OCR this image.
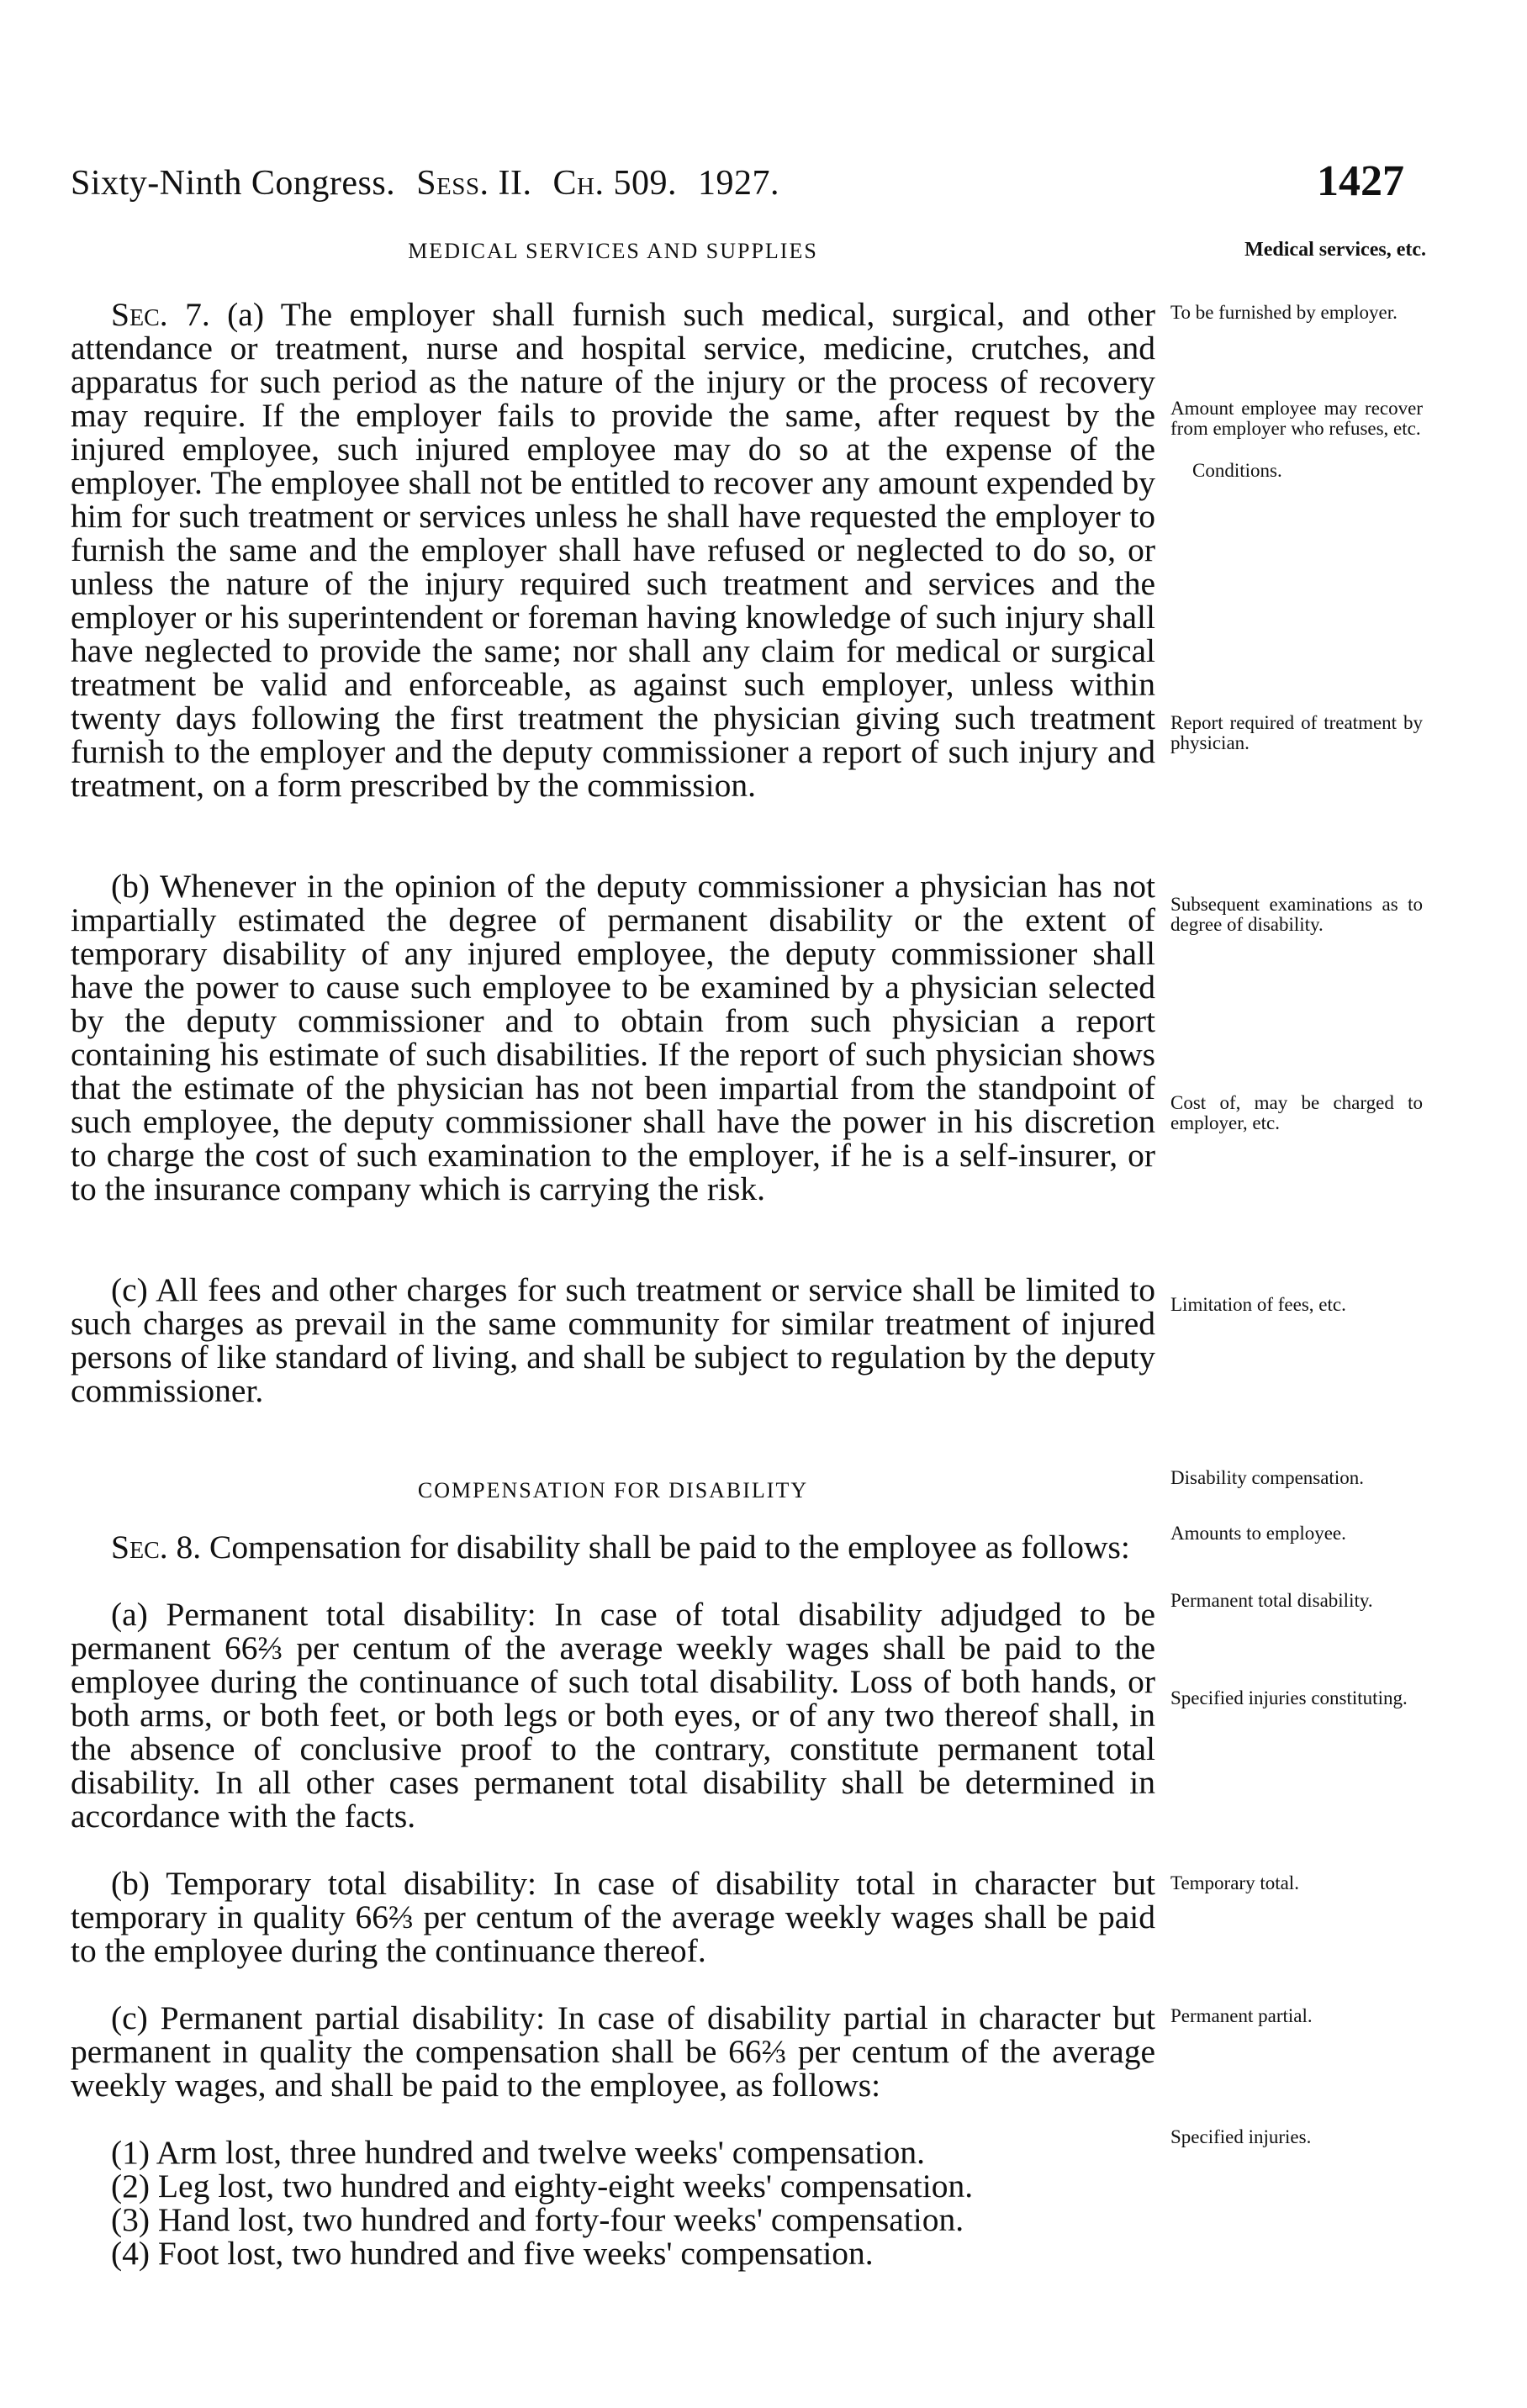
Sixty-Ninth Congress. Sess. II. Ch. 509. 1927.	1427
MEDICAL SERVICES AND SUPPLIES	Medical services, etc.

Sec. 7. (a) The employer shall furnish such medical, surgical, and other attendance or treatment, nurse and hospital service, medicine, crutches, and apparatus for such period as the nature of the injury or the process of recovery may require. If the employer fails to provide the same, after request by the injured employee, such injured employee may do so at the expense of the employer. The employee shall not be entitled to recover any amount expended by him for such treatment or services unless he shall have requested the employer to furnish the same and the employer shall have refused or neglected to do so, or unless the nature of the injury required such treatment and services and the employer or his superintendent or foreman having knowledge of such injury shall have neglected to provide the same; nor shall any claim for medical or surgical treatment be valid and enforceable, as against such employer, unless within twenty days following the first treatment the physician giving such treatment furnish to the employer and the deputy commissioner a report of such injury and treatment, on a form prescribed by the commission.

(b) Whenever in the opinion of the deputy commissioner a physician has not impartially estimated the degree of permanent disability or the extent of temporary disability of any injured employee, the deputy commissioner shall have the power to cause such employee to be examined by a physician selected by the deputy commissioner and to obtain from such physician a report containing his estimate of such disabilities. If the report of such physician shows that the estimate of the physician has not been impartial from the standpoint of such employee, the deputy commissioner shall have the power in his discretion to charge the cost of such examination to the employer, if he is a self-insurer, or to the insurance company which is carrying the risk.

(c) All fees and other charges for such treatment or service shall be limited to such charges as prevail in the same community for similar treatment of injured persons of like standard of living, and shall be subject to regulation by the deputy commissioner.

COMPENSATION FOR DISABILITY
Disability compensation.

Sec. 8. Compensation for disability shall be paid to the employee as follows:

(a) Permanent total disability: In case of total disability adjudged to be permanent 66⅔ per centum of the average weekly wages shall be paid to the employee during the continuance of such total disability. Loss of both hands, or both arms, or both feet, or both legs or both eyes, or of any two thereof shall, in the absence of conclusive proof to the contrary, constitute permanent total disability. In all other cases permanent total disability shall be determined in accordance with the facts.

(b) Temporary total disability: In case of disability total in character but temporary in quality 66⅔ per centum of the average weekly wages shall be paid to the employee during the continuance thereof.

(c) Permanent partial disability: In case of disability partial in character but permanent in quality the compensation shall be 66⅔ per centum of the average weekly wages, and shall be paid to the employee, as follows:

(1) Arm lost, three hundred and twelve weeks' compensation.

(2) Leg lost, two hundred and eighty-eight weeks' compensation.

(3) Hand lost, two hundred and forty-four weeks' compensation.

(4) Foot lost, two hundred and five weeks' compensation.

To be furnished by employer.
Amount employee may recover from employer who refuses, etc.
Conditions.
Report required of treatment by physician.
Subsequent examinations as to degree of disability.
Cost of, may be charged to employer, etc.
Limitation of fees, etc.
Amounts to employee.
Permanent total disability.
Specified injuries constituting.
Temporary total.
Permanent partial.
Specified injuries.
